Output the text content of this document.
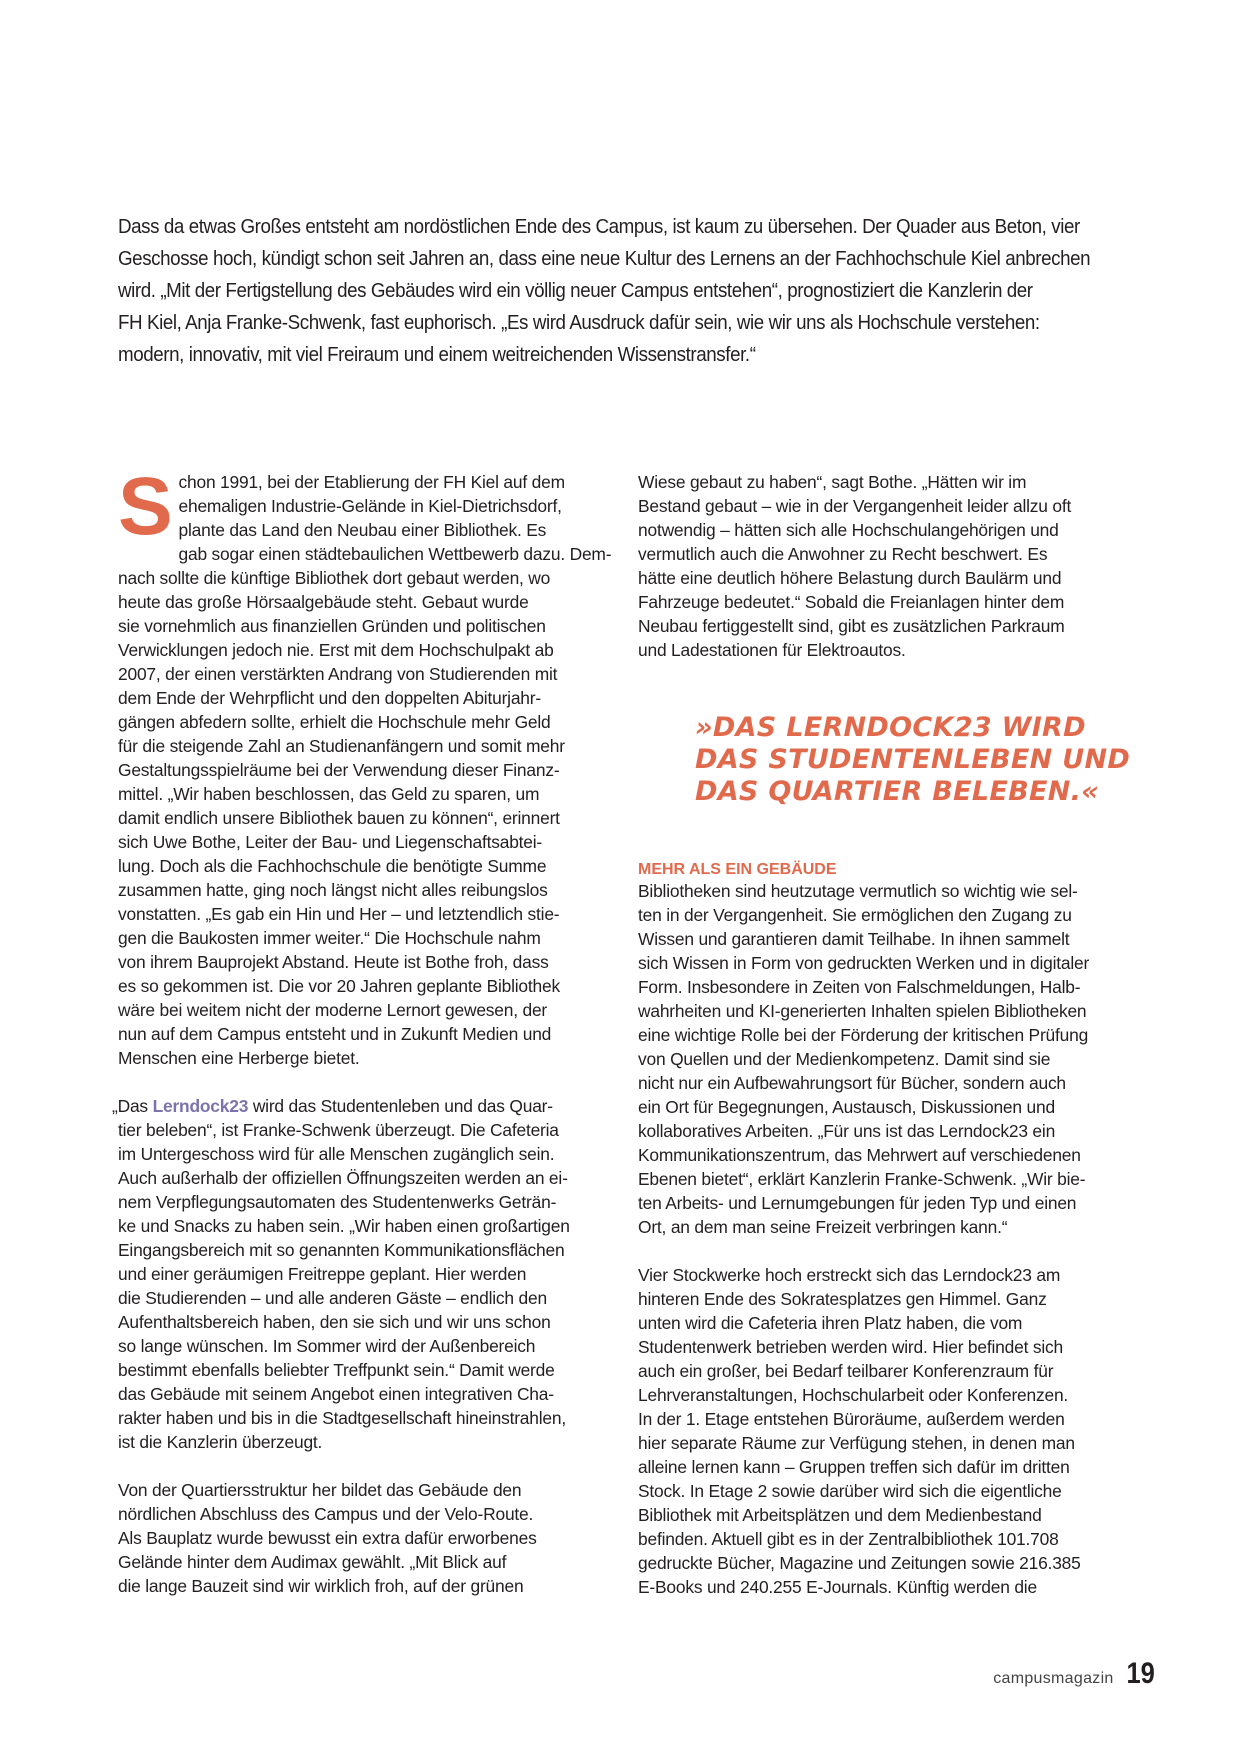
Dass da etwas Großes entsteht am nordöstlichen Ende des Campus, ist kaum zu übersehen. Der Quader aus Beton, vier
Geschosse hoch, kündigt schon seit Jahren an, dass eine neue Kultur des Lernens an der Fachhochschule Kiel anbrechen
wird. „Mit der Fertigstellung des Gebäudes wird ein völlig neuer Campus entstehen“, prognostiziert die Kanzlerin der
FH Kiel, Anja Franke-Schwenk, fast euphorisch. „Es wird Ausdruck dafür sein, wie wir uns als Hochschule verstehen:
modern, innovativ, mit viel Freiraum und einem weitreichenden Wissenstransfer.“
S chon 1991, bei der Etablierung der FH Kiel auf dem
ehemaligen Industrie-Gelände in Kiel-Dietrichsdorf,
plante das Land den Neubau einer Bibliothek. Es
gab sogar einen städtebaulichen Wettbewerb dazu. Dem-
nach sollte die künftige Bibliothek dort gebaut werden, wo
heute das große Hörsaalgebäude steht. Gebaut wurde
sie vornehmlich aus finanziellen Gründen und politischen
Verwicklungen jedoch nie. Erst mit dem Hochschulpakt ab
2007, der einen verstärkten Andrang von Studierenden mit
dem Ende der Wehrpflicht und den doppelten Abiturjahr-
gängen abfedern sollte, erhielt die Hochschule mehr Geld
für die steigende Zahl an Studienanfängern und somit mehr
Gestaltungsspielräume bei der Verwendung dieser Finanz-
mittel. „Wir haben beschlossen, das Geld zu sparen, um
damit endlich unsere Bibliothek bauen zu können“, erinnert
sich Uwe Bothe, Leiter der Bau- und Liegenschaftsabtei-
lung. Doch als die Fachhochschule die benötigte Summe
zusammen hatte, ging noch längst nicht alles reibungslos
vonstatten. „Es gab ein Hin und Her – und letztendlich stie-
gen die Baukosten immer weiter.“ Die Hochschule nahm
von ihrem Bauprojekt Abstand. Heute ist Bothe froh, dass
es so gekommen ist. Die vor 20 Jahren geplante Bibliothek
wäre bei weitem nicht der moderne Lernort gewesen, der
nun auf dem Campus entsteht und in Zukunft Medien und
Menschen eine Herberge bietet.
„Das Lerndock23 wird das Studentenleben und das Quar-
tier beleben“, ist Franke-Schwenk überzeugt. Die Cafeteria
im Untergeschoss wird für alle Menschen zugänglich sein.
Auch außerhalb der offiziellen Öffnungszeiten werden an ei-
nem Verpflegungsautomaten des Studentenwerks Geträn-
ke und Snacks zu haben sein. „Wir haben einen großartigen
Eingangsbereich mit so genannten Kommunikationsflächen
und einer geräumigen Freitreppe geplant. Hier werden
die Studierenden – und alle anderen Gäste – endlich den
Aufenthaltsbereich haben, den sie sich und wir uns schon
so lange wünschen. Im Sommer wird der Außenbereich
bestimmt ebenfalls beliebter Treffpunkt sein.“ Damit werde
das Gebäude mit seinem Angebot einen integrativen Cha-
rakter haben und bis in die Stadtgesellschaft hineinstrahlen,
ist die Kanzlerin überzeugt.
Von der Quartiersstruktur her bildet das Gebäude den
nördlichen Abschluss des Campus und der Velo-Route.
Als Bauplatz wurde bewusst ein extra dafür erworbenes
Gelände hinter dem Audimax gewählt. „Mit Blick auf
die lange Bauzeit sind wir wirklich froh, auf der grünen
Wiese gebaut zu haben“, sagt Bothe. „Hätten wir im
Bestand gebaut – wie in der Vergangenheit leider allzu oft
notwendig – hätten sich alle Hochschulangehörigen und
vermutlich auch die Anwohner zu Recht beschwert. Es
hätte eine deutlich höhere Belastung durch Baulärm und
Fahrzeuge bedeutet.“ Sobald die Freianlagen hinter dem
Neubau fertiggestellt sind, gibt es zusätzlichen Parkraum
und Ladestationen für Elektroautos.
»DAS LERNDOCK23 WIRD
DAS STUDENTENLEBEN UND
DAS QUARTIER BELEBEN.«
MEHR ALS EIN GEBÄUDE
Bibliotheken sind heutzutage vermutlich so wichtig wie sel-
ten in der Vergangenheit. Sie ermöglichen den Zugang zu
Wissen und garantieren damit Teilhabe. In ihnen sammelt
sich Wissen in Form von gedruckten Werken und in digitaler
Form. Insbesondere in Zeiten von Falschmeldungen, Halb-
wahrheiten und KI-generierten Inhalten spielen Bibliotheken
eine wichtige Rolle bei der Förderung der kritischen Prüfung
von Quellen und der Medienkompetenz. Damit sind sie
nicht nur ein Aufbewahrungsort für Bücher, sondern auch
ein Ort für Begegnungen, Austausch, Diskussionen und
kollaboratives Arbeiten. „Für uns ist das Lerndock23 ein
Kommunikationszentrum, das Mehrwert auf verschiedenen
Ebenen bietet“, erklärt Kanzlerin Franke-Schwenk. „Wir bie-
ten Arbeits- und Lernumgebungen für jeden Typ und einen
Ort, an dem man seine Freizeit verbringen kann.“
Vier Stockwerke hoch erstreckt sich das Lerndock23 am
hinteren Ende des Sokratesplatzes gen Himmel. Ganz
unten wird die Cafeteria ihren Platz haben, die vom
Studentenwerk betrieben werden wird. Hier befindet sich
auch ein großer, bei Bedarf teilbarer Konferenzraum für
Lehrveranstaltungen, Hochschularbeit oder Konferenzen.
In der 1. Etage entstehen Büroräume, außerdem werden
hier separate Räume zur Verfügung stehen, in denen man
alleine lernen kann – Gruppen treffen sich dafür im dritten
Stock. In Etage 2 sowie darüber wird sich die eigentliche
Bibliothek mit Arbeitsplätzen und dem Medienbestand
befinden. Aktuell gibt es in der Zentralbibliothek 101.708
gedruckte Bücher, Magazine und Zeitungen sowie 216.385
E-Books und 240.255 E-Journals. Künftig werden die
campusmagazin 19
